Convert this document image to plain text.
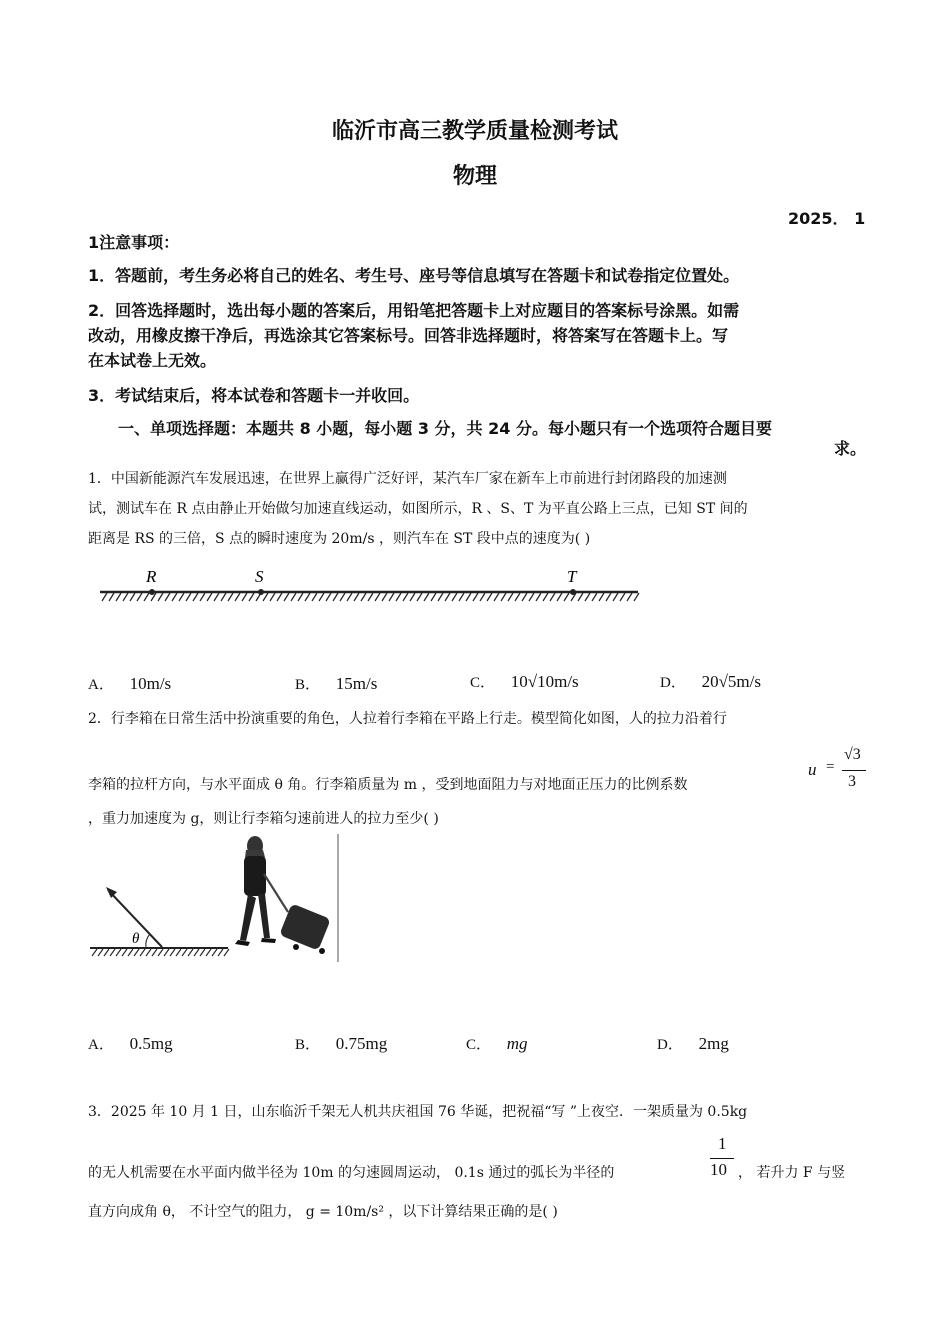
临沂市高三教学质量检测考试
物理
2025． 1
1注意事项：
1．答题前，考生务必将自己的姓名、考生号、座号等信息填写在答题卡和试卷指定位置处。
2．回答选择题时，选出每小题的答案后，用铅笔把答题卡上对应题目的答案标号涂黑。如需
改动，用橡皮擦干净后，再选涂其它答案标号。回答非选择题时，将答案写在答题卡上。写
在本试卷上无效。
3．考试结束后，将本试卷和答题卡一并收回。
一、单项选择题：本题共 8 小题，每小题 3 分，共 24 分。每小题只有一个选项符合题目要
求。
1．中国新能源汽车发展迅速，在世界上赢得广泛好评，某汽车厂家在新车上市前进行封闭路段的加速测
试，测试车在 R 点由静止开始做匀加速直线运动，如图所示，R 、S、T 为平直公路上三点，已知 ST 间的
距离是 RS 的三倍，S 点的瞬时速度为 20m/s ，则汽车在 ST 段中点的速度为( )
R	S	T
A． 10m/s	B． 15m/s	C． 10√10m/s	D． 20√5m/s
2．行李箱在日常生活中扮演重要的角色，人拉着行李箱在平路上行走。模型简化如图，人的拉力沿着行
李箱的拉杆方向，与水平面成 θ 角。行李箱质量为 m ，受到地面阻力与对地面正压力的比例系数
u =
√3
3
，重力加速度为 g，则让行李箱匀速前进人的拉力至少( )
θ
A． 0.5mg	B． 0.75mg	C． mg	D． 2mg
3．2025 年 10 月 1 日，山东临沂千架无人机共庆祖国 76 华诞，把祝福“写 ”上夜空．一架质量为 0.5kg
的无人机需要在水平面内做半径为 10m 的匀速圆周运动， 0.1s 通过的弧长为半径的
1
10 ， 若升力 F 与竖
直方向成角 θ， 不计空气的阻力， g = 10m/s² ，以下计算结果正确的是( )
